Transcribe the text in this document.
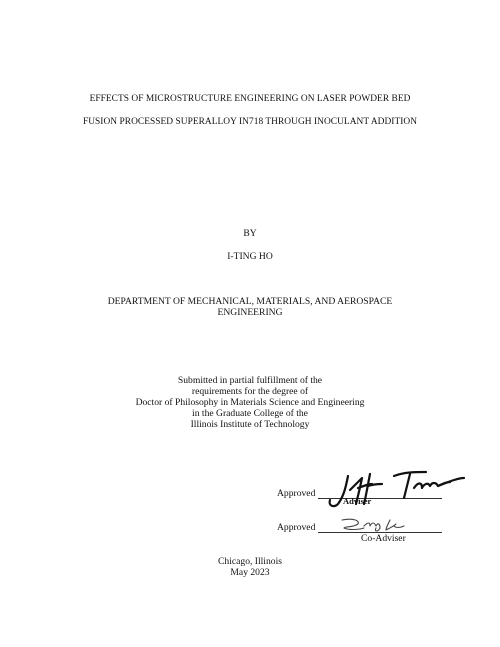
EFFECTS OF MICROSTRUCTURE ENGINEERING ON LASER POWDER BED
FUSION PROCESSED SUPERALLOY IN718 THROUGH INOCULANT ADDITION
BY
I-TING HO
DEPARTMENT OF MECHANICAL, MATERIALS, AND AEROSPACE
ENGINEERING
Submitted in partial fulfillment of the
requirements for the degree of
Doctor of Philosophy in Materials Science and Engineering
in the Graduate College of the
Illinois Institute of Technology
Approved
Adviser
Approved
Co-Adviser
Chicago, Illinois
May 2023
